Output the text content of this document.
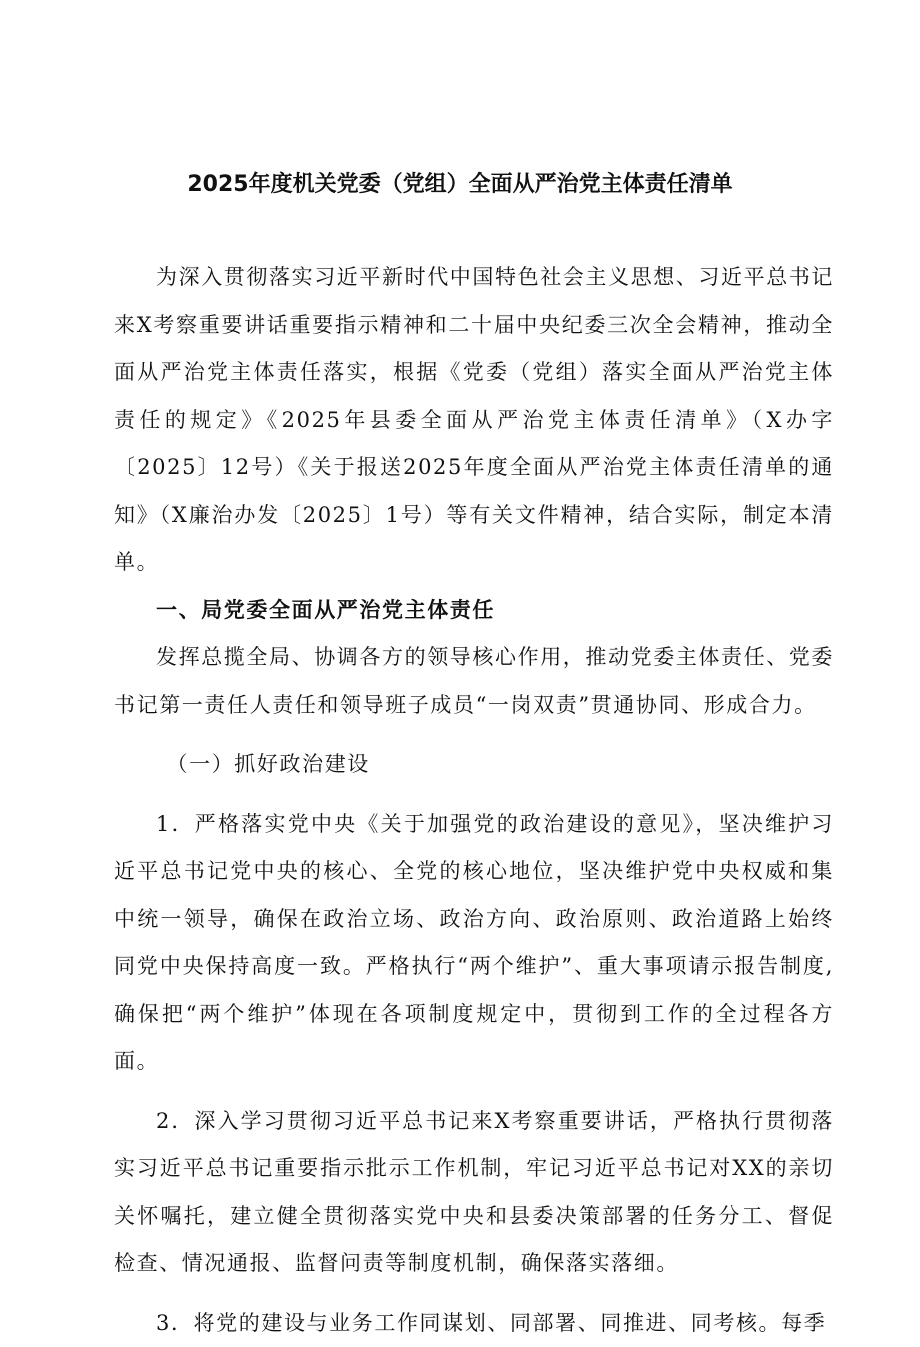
2025年度机关党委（党组）全面从严治党主体责任清单

为深入贯彻落实习近平新时代中国特色社会主义思想、习近平总书记来X考察重要讲话重要指示精神和二十届中央纪委三次全会精神，推动全面从严治党主体责任落实，根据《党委（党组）落实全面从严治党主体责任的规定》《2025年县委全面从严治党主体责任清单》（X办字〔2025〕12号）《关于报送2025年度全面从严治党主体责任清单的通知》（X廉治办发〔2025〕1号）等有关文件精神，结合实际，制定本清单。

一、局党委全面从严治党主体责任

发挥总揽全局、协调各方的领导核心作用，推动党委主体责任、党委书记第一责任人责任和领导班子成员“一岗双责”贯通协同、形成合力。

（一）抓好政治建设

1．严格落实党中央《关于加强党的政治建设的意见》，坚决维护习近平总书记党中央的核心、全党的核心地位，坚决维护党中央权威和集中统一领导，确保在政治立场、政治方向、政治原则、政治道路上始终同党中央保持高度一致。严格执行“两个维护”、重大事项请示报告制度,确保把“两个维护”体现在各项制度规定中，贯彻到工作的全过程各方面。

2．深入学习贯彻习近平总书记来X考察重要讲话，严格执行贯彻落实习近平总书记重要指示批示工作机制，牢记习近平总书记对XX的亲切关怀嘱托，建立健全贯彻落实党中央和县委决策部署的任务分工、督促检查、情况通报、监督问责等制度机制，确保落实落细。

3．将党的建设与业务工作同谋划、同部署、同推进、同考核。每季
